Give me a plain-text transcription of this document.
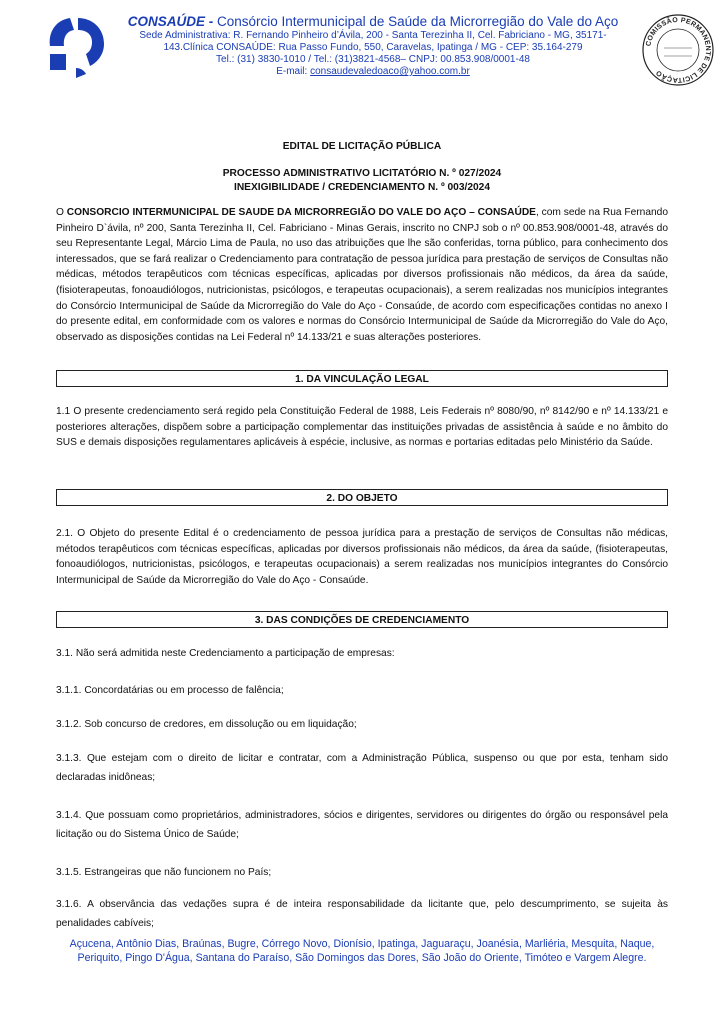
CONSAÚDE - Consórcio Intermunicipal de Saúde da Microrregião do Vale do Aço
Sede Administrativa: R. Fernando Pinheiro d’Ávila, 200 - Santa Terezinha II, Cel. Fabriciano - MG, 35171-
143.Clínica CONSAÚDE: Rua Passo Fundo, 550, Caravelas, Ipatinga / MG - CEP: 35.164-279
Tel.: (31) 3830-1010 / Tel.: (31)3821-4568– CNPJ: 00.853.908/0001-48
E-mail: consaudevaledoaco@yahoo.com.br
COMISSÃO PERMANENTE DE LICITAÇÃO
EDITAL DE LICITAÇÃO PÚBLICA
PROCESSO ADMINISTRATIVO LICITATÓRIO N. º 027/2024
INEXIGIBILIDADE / CREDENCIAMENTO N. º 003/2024
O CONSORCIO INTERMUNICIPAL DE SAUDE DA MICRORREGIÃO DO VALE DO AÇO – CONSAÚDE, com sede na Rua Fernando Pinheiro D`ávila, nº 200, Santa Terezinha II, Cel. Fabriciano - Minas Gerais, inscrito no CNPJ sob o nº 00.853.908/0001-48, através do seu Representante Legal, Márcio Lima de Paula, no uso das atribuições que lhe são conferidas, torna público, para conhecimento dos interessados, que se fará realizar o Credenciamento para contratação de pessoa jurídica para prestação de serviços de Consultas não médicas, métodos terapêuticos com técnicas específicas, aplicadas por diversos profissionais não médicos, da área da saúde, (fisioterapeutas, fonoaudiólogos, nutricionistas, psicólogos, e terapeutas ocupacionais), a serem realizadas nos municípios integrantes do Consórcio Intermunicipal de Saúde da Microrregião do Vale do Aço - Consaúde, de acordo com especificações contidas no anexo I do presente edital, em conformidade com os valores e normas do Consórcio Intermunicipal de Saúde da Microrregião do Vale do Aço, observado as disposições contidas na Lei Federal nº 14.133/21 e suas alterações posteriores.
1. DA VINCULAÇÃO LEGAL
1.1 O presente credenciamento será regido pela Constituição Federal de 1988, Leis Federais nº 8080/90, nº 8142/90 e nº 14.133/21 e posteriores alterações, dispõem sobre a participação complementar das instituições privadas de assistência à saúde e no âmbito do SUS e demais disposições regulamentares aplicáveis à espécie, inclusive, as normas e portarias editadas pelo Ministério da Saúde.
2. DO OBJETO
2.1. O Objeto do presente Edital é o credenciamento de pessoa jurídica para a prestação de serviços de Consultas não médicas, métodos terapêuticos com técnicas específicas, aplicadas por diversos profissionais não médicos, da área da saúde, (fisioterapeutas, fonoaudiólogos, nutricionistas, psicólogos, e terapeutas ocupacionais) a serem realizadas nos municípios integrantes do Consórcio Intermunicipal de Saúde da Microrregião do Vale do Aço - Consaúde.
3. DAS CONDIÇÕES DE CREDENCIAMENTO
3.1. Não será admitida neste Credenciamento a participação de empresas:
3.1.1. Concordatárias ou em processo de falência;
3.1.2. Sob concurso de credores, em dissolução ou em liquidação;
3.1.3. Que estejam com o direito de licitar e contratar, com a Administração Pública, suspenso ou que por esta, tenham sido declaradas inidôneas;
3.1.4. Que possuam como proprietários, administradores, sócios e dirigentes, servidores ou dirigentes do órgão ou responsável pela licitação ou do Sistema Único de Saúde;
3.1.5. Estrangeiras que não funcionem no País;
3.1.6. A observância das vedações supra é de inteira responsabilidade da licitante que, pelo descumprimento, se sujeita às penalidades cabíveis;
Açucena, Antônio Dias, Braúnas, Bugre, Córrego Novo, Dionísio, Ipatinga, Jaguaraçu, Joanésia, Marliéria, Mesquita, Naque,
Periquito, Pingo D'Água, Santana do Paraíso, São Domingos das Dores, São João do Oriente, Timóteo e Vargem Alegre.
